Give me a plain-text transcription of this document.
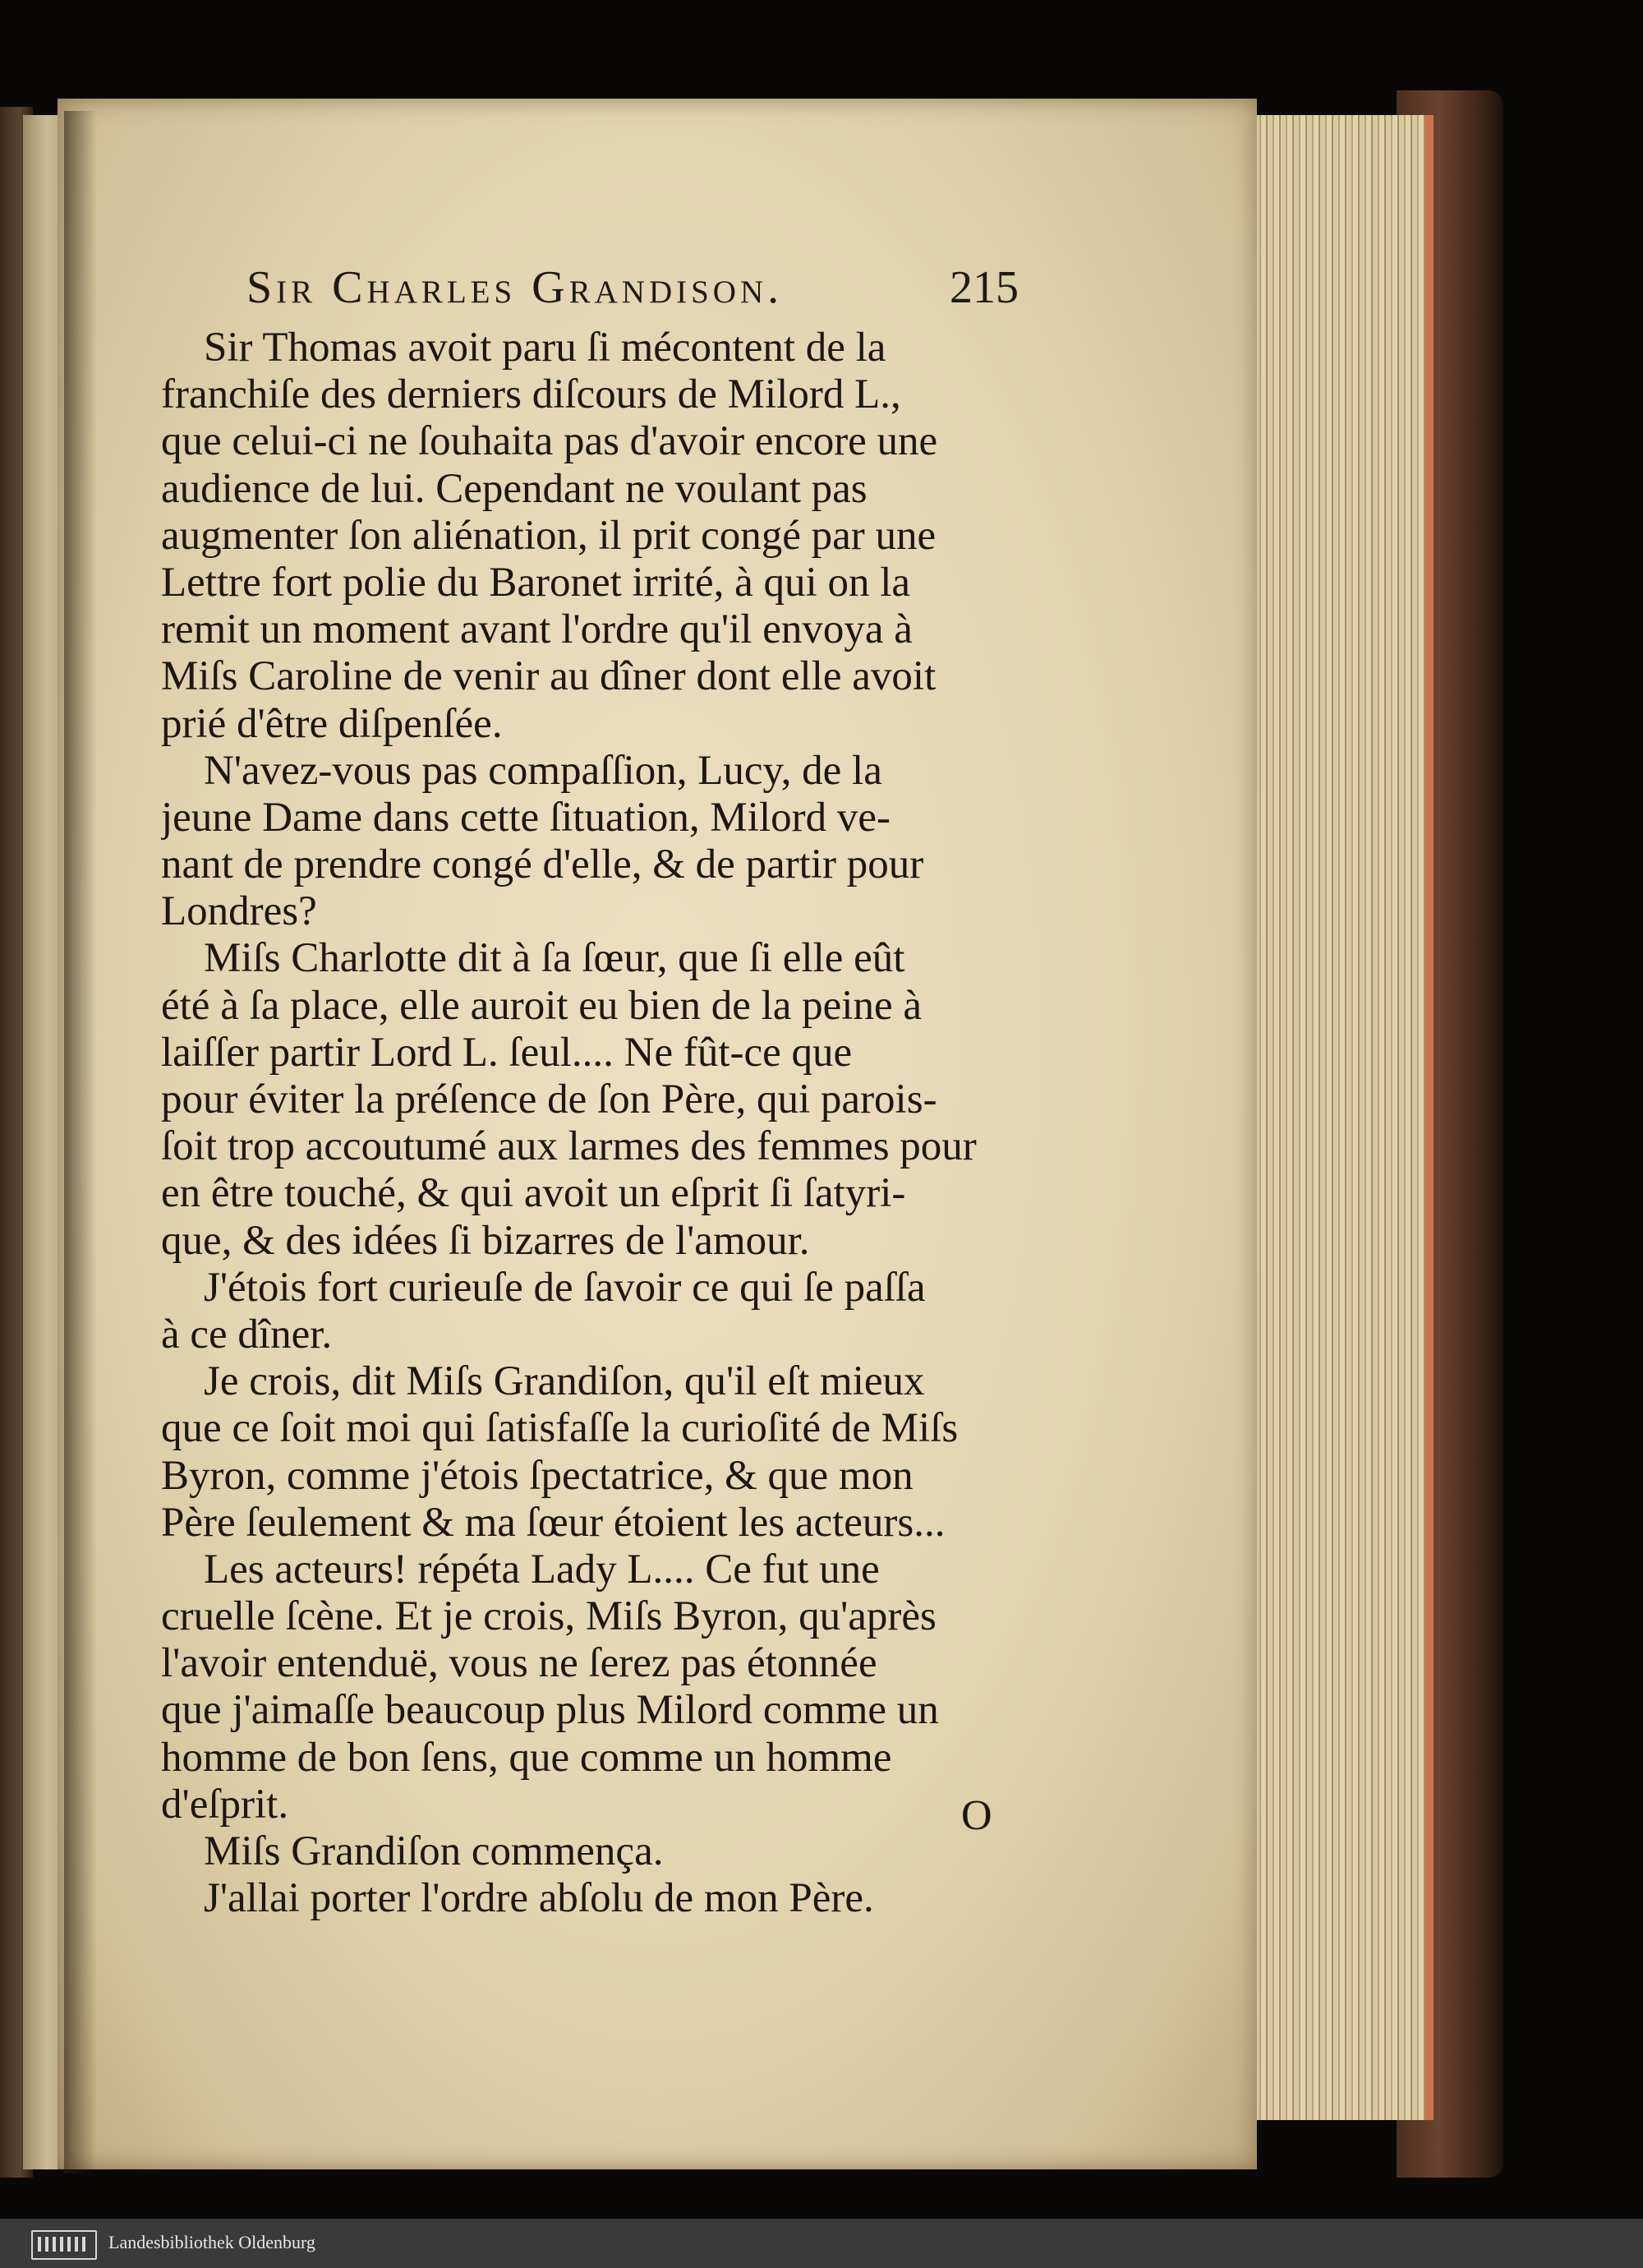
Sir Charles Grandison.	215
Sir Thomas avoit paru ſi mécontent de la
franchiſe des derniers diſcours de Milord L.,
que celui-ci ne ſouhaita pas d'avoir encore une
audience de lui. Cependant ne voulant pas
augmenter ſon aliénation, il prit congé par une
Lettre fort polie du Baronet irrité, à qui on la
remit un moment avant l'ordre qu'il envoya à
Miſs Caroline de venir au dîner dont elle avoit
prié d'être diſpenſée.
N'avez-vous pas compaſſion, Lucy, de la
jeune Dame dans cette ſituation, Milord ve-
nant de prendre congé d'elle, & de partir pour
Londres?
Miſs Charlotte dit à ſa ſœur, que ſi elle eût
été à ſa place, elle auroit eu bien de la peine à
laiſſer partir Lord L. ſeul.... Ne fût-ce que
pour éviter la préſence de ſon Père, qui parois-
ſoit trop accoutumé aux larmes des femmes pour
en être touché, & qui avoit un eſprit ſi ſatyri-
que, & des idées ſi bizarres de l'amour.
J'étois fort curieuſe de ſavoir ce qui ſe paſſa
à ce dîner.
Je crois, dit Miſs Grandiſon, qu'il eſt mieux
que ce ſoit moi qui ſatisfaſſe la curioſité de Miſs
Byron, comme j'étois ſpectatrice, & que mon
Père ſeulement & ma ſœur étoient les acteurs...
Les acteurs! répéta Lady L.... Ce fut une
cruelle ſcène. Et je crois, Miſs Byron, qu'après
l'avoir entenduë, vous ne ſerez pas étonnée
que j'aimaſſe beaucoup plus Milord comme un
homme de bon ſens, que comme un homme
d'eſprit.
Miſs Grandiſon commença.
J'allai porter l'ordre abſolu de mon Père.
O
Landesbibliothek Oldenburg
